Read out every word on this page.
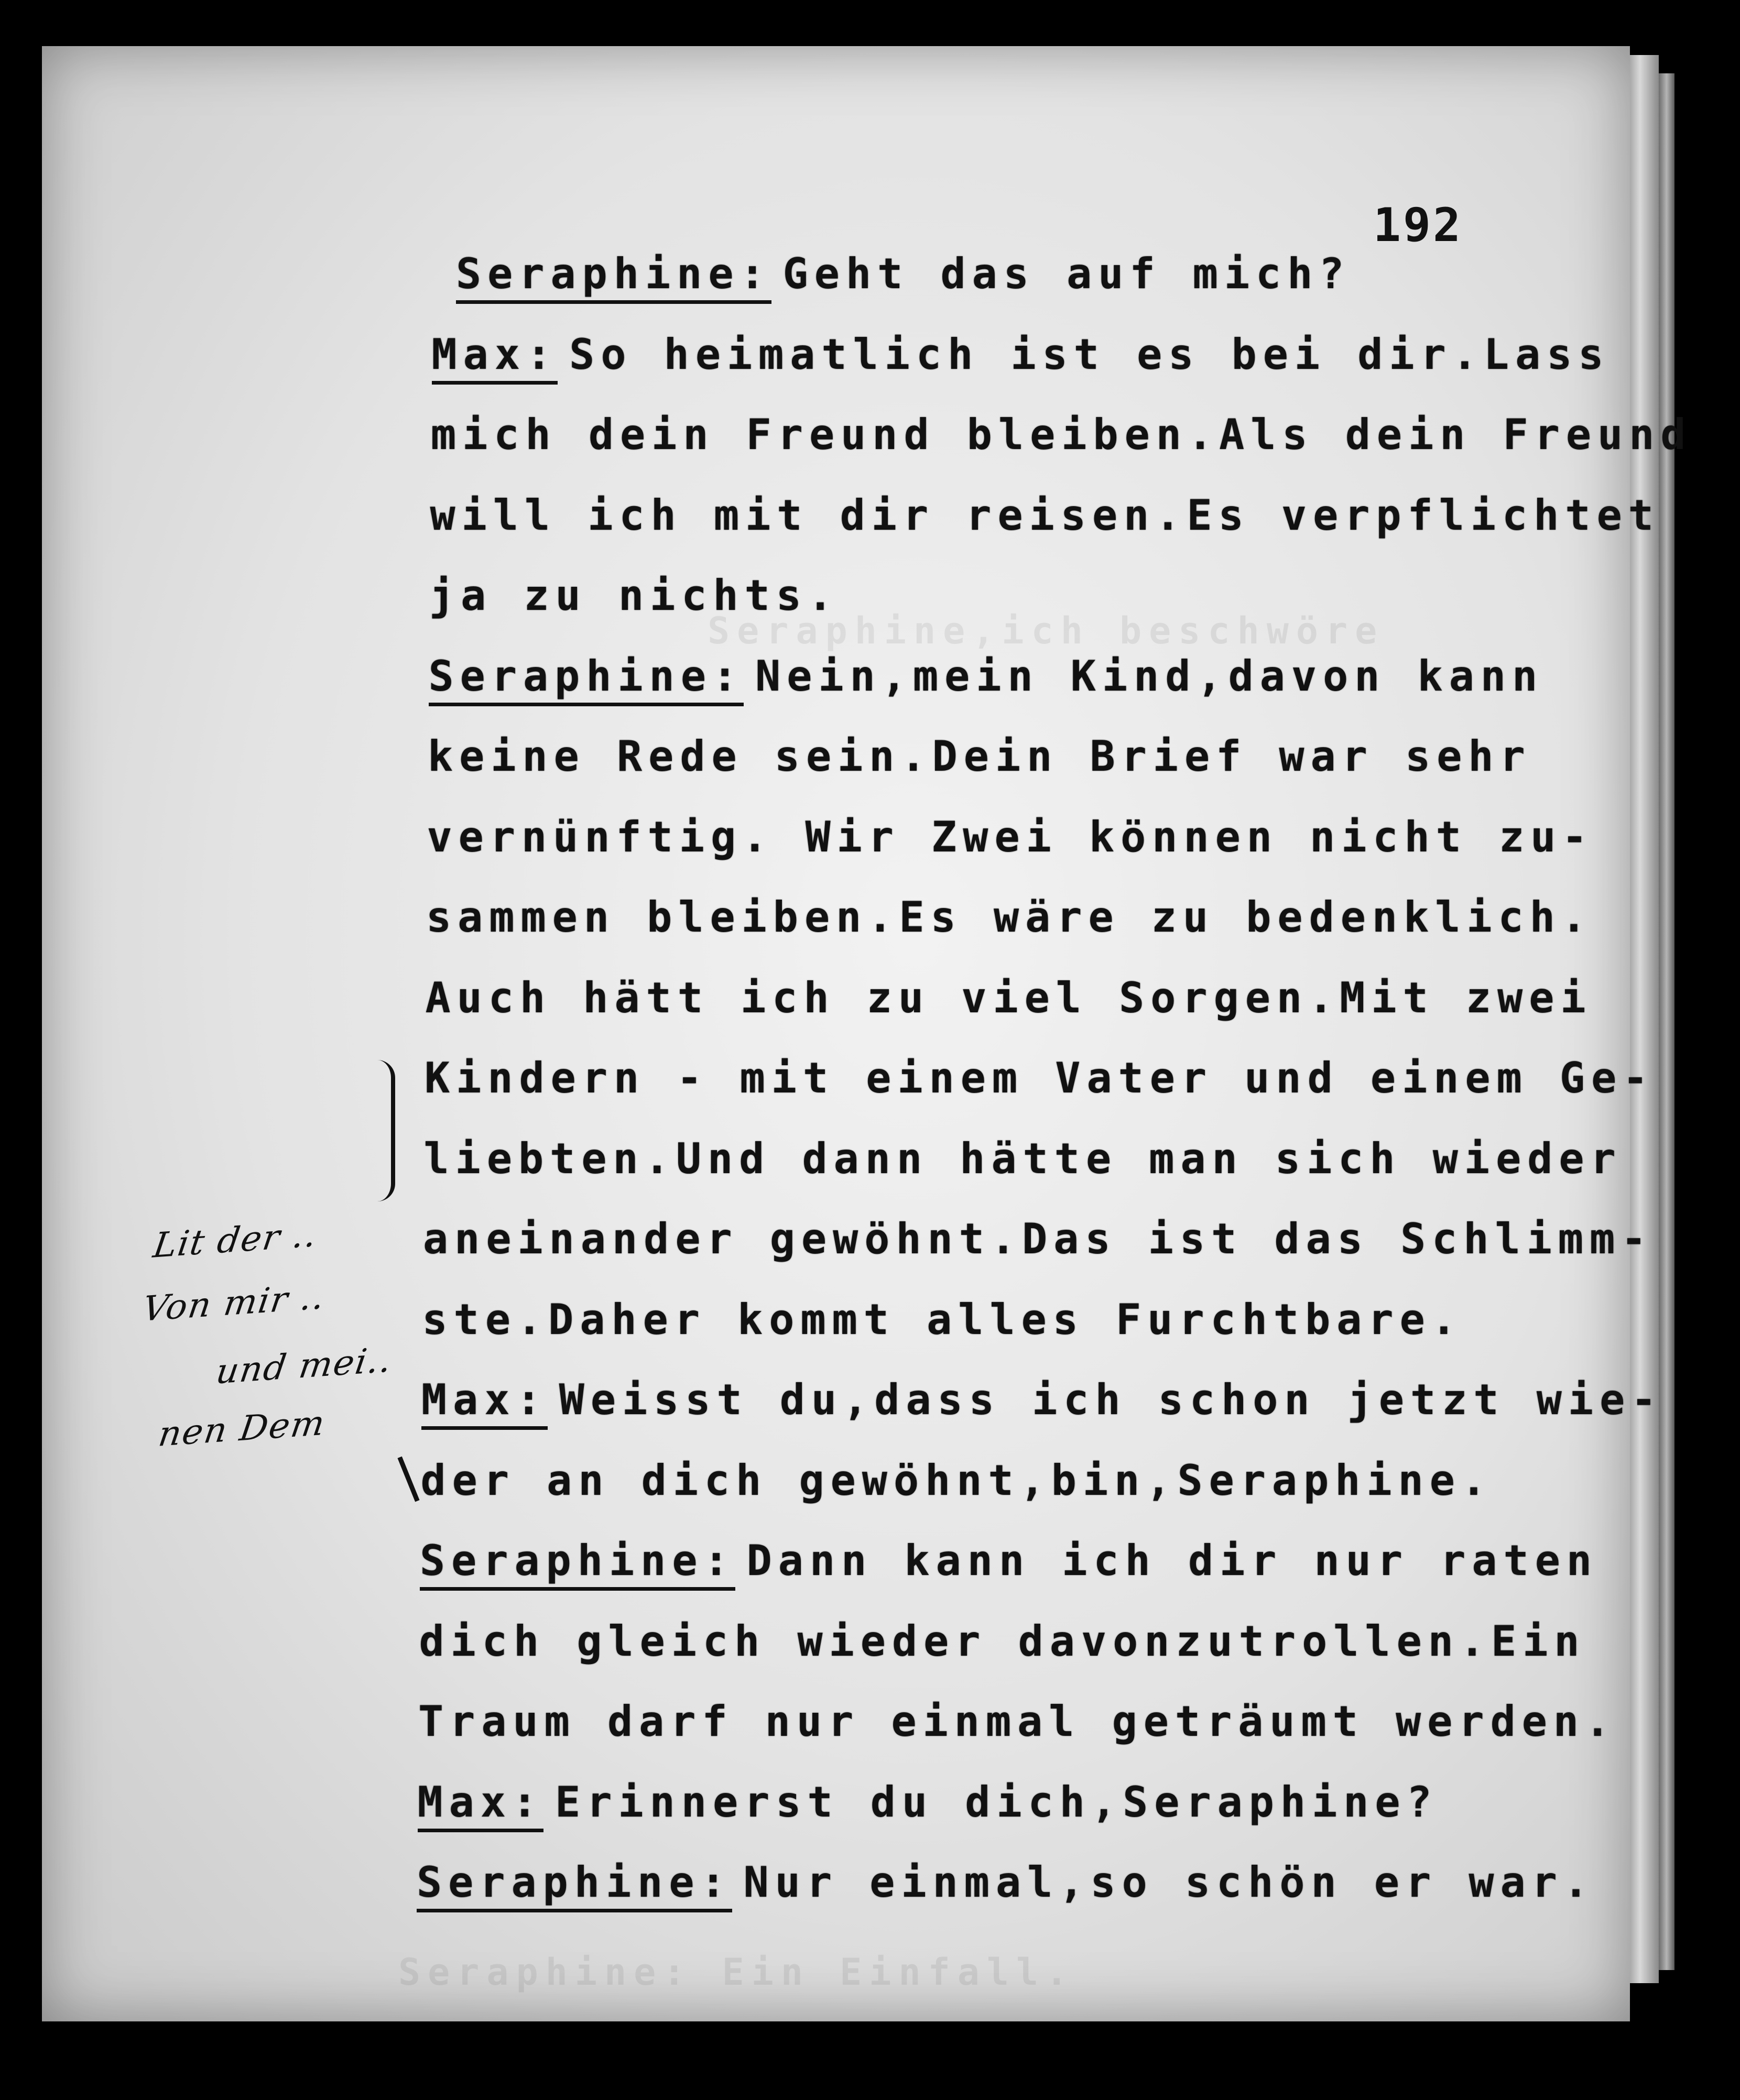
Seraphine,ich beschwöre
Seraphine: Ein Einfall.
192
Seraphine: Geht das auf mich?
Max: So heimatlich ist es bei dir.Lass
mich dein Freund bleiben.Als dein Freund
will ich mit dir reisen.Es verpflichtet
ja zu nichts.
Seraphine: Nein,mein Kind,davon kann
keine Rede sein.Dein Brief war sehr
vernünftig. Wir Zwei können nicht zu-
sammen bleiben.Es wäre zu bedenklich.
Auch hätt ich zu viel Sorgen.Mit zwei
Kindern - mit einem Vater und einem Ge-
liebten.Und dann hätte man sich wieder
aneinander gewöhnt.Das ist das Schlimm-
ste.Daher kommt alles Furchtbare.
Max: Weisst du,dass ich schon jetzt wie-
der an dich gewöhnt,bin,Seraphine.
Seraphine: Dann kann ich dir nur raten
dich gleich wieder davonzutrollen.Ein
Traum darf nur einmal geträumt werden.
Max: Erinnerst du dich,Seraphine?
Seraphine: Nur einmal,so schön er war.
Lit der ..
Von mir ..
und mei..
nen Dem
